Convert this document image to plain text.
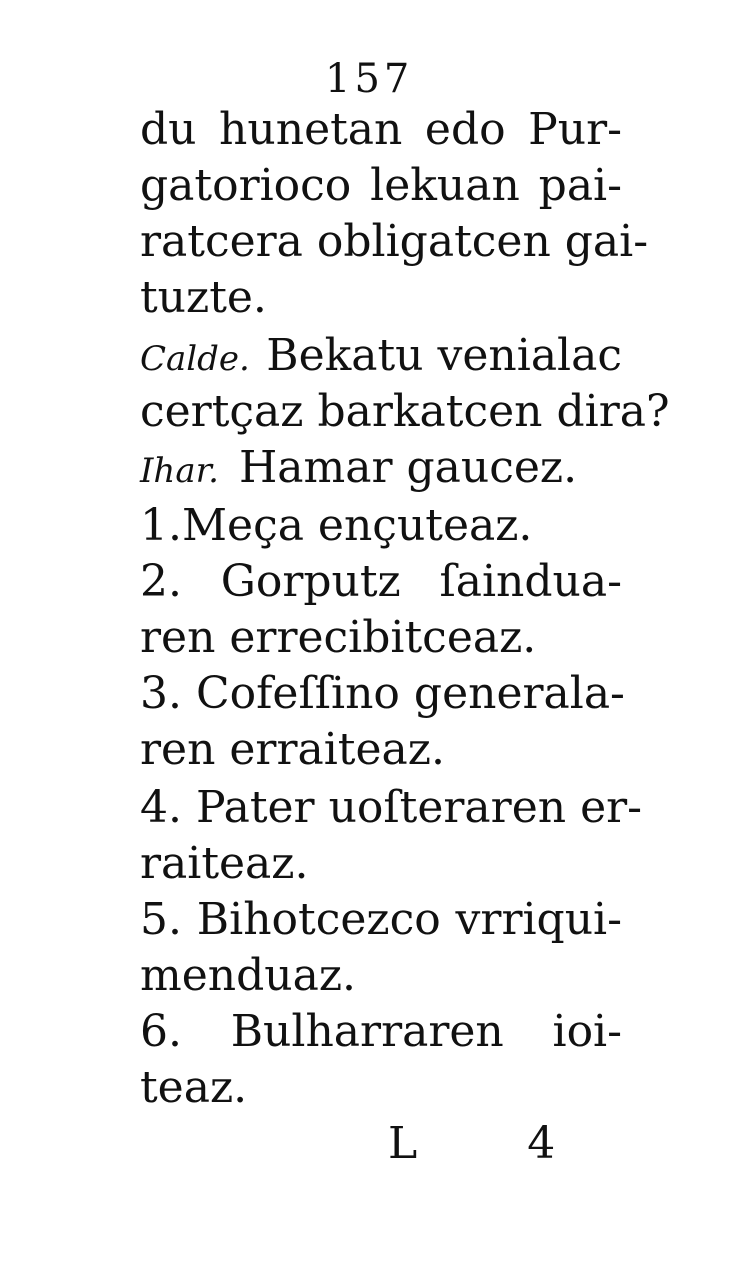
157
du hunetan edo Pur-
gatorioco lekuan pai-
ratcera obligatcen gai-
tuzte.
Calde. Bekatu venialac
certçaz barkatcen dira?
Ihar. Hamar gaucez.
1.Meça ençuteaz.
2. Gorputz ſaindua-
ren errecibitceaz.
3. Cofeſſino generala-
ren erraiteaz.
4. Pater uoſteraren er-
raiteaz.
5. Bihotcezco vrriqui-
menduaz.
6. Bulharraren ioi-
teaz.
L 4
